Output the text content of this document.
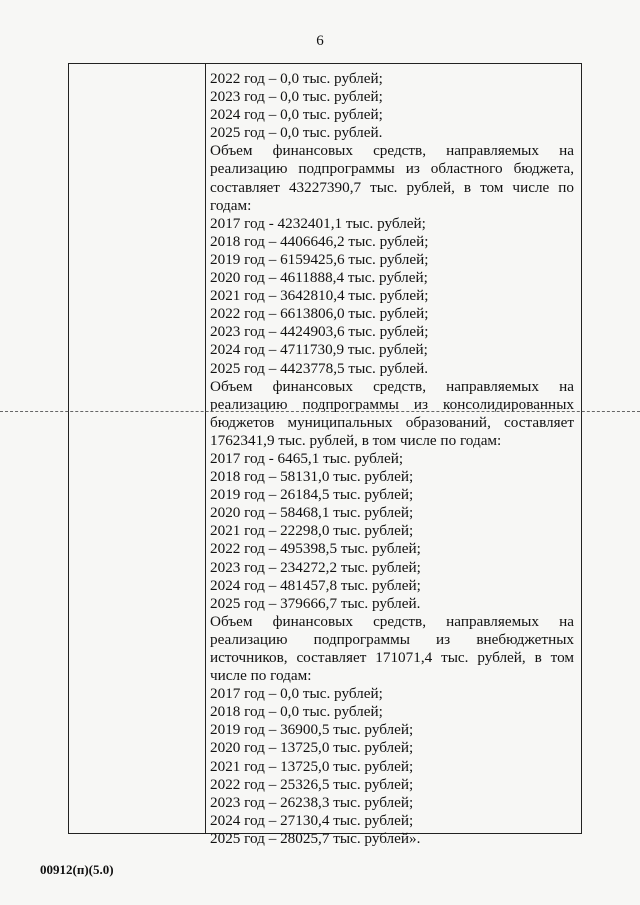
6
2022 год – 0,0 тыс. рублей;
2023 год – 0,0 тыс. рублей;
2024 год – 0,0 тыс. рублей;
2025 год – 0,0 тыс. рублей.
Объем финансовых средств, направляемых на
реализацию подпрограммы из областного бюджета,
составляет 43227390,7 тыс. рублей, в том числе по
годам:
2017 год - 4232401,1 тыс. рублей;
2018 год – 4406646,2 тыс. рублей;
2019 год – 6159425,6 тыс. рублей;
2020 год – 4611888,4 тыс. рублей;
2021 год – 3642810,4 тыс. рублей;
2022 год – 6613806,0 тыс. рублей;
2023 год – 4424903,6 тыс. рублей;
2024 год – 4711730,9 тыс. рублей;
2025 год – 4423778,5 тыс. рублей.
Объем финансовых средств, направляемых на
реализацию подпрограммы из консолидированных
бюджетов муниципальных образований, составляет
1762341,9 тыс. рублей, в том числе по годам:
2017 год - 6465,1 тыс. рублей;
2018 год – 58131,0 тыс. рублей;
2019 год – 26184,5 тыс. рублей;
2020 год – 58468,1 тыс. рублей;
2021 год – 22298,0 тыс. рублей;
2022 год – 495398,5 тыс. рублей;
2023 год – 234272,2 тыс. рублей;
2024 год – 481457,8 тыс. рублей;
2025 год – 379666,7 тыс. рублей.
Объем финансовых средств, направляемых на
реализацию подпрограммы из внебюджетных
источников, составляет 171071,4 тыс. рублей, в том
числе по годам:
2017 год – 0,0 тыс. рублей;
2018 год – 0,0 тыс. рублей;
2019 год – 36900,5 тыс. рублей;
2020 год – 13725,0 тыс. рублей;
2021 год – 13725,0 тыс. рублей;
2022 год – 25326,5 тыс. рублей;
2023 год – 26238,3 тыс. рублей;
2024 год – 27130,4 тыс. рублей;
2025 год – 28025,7 тыс. рублей».
00912(п)(5.0)
